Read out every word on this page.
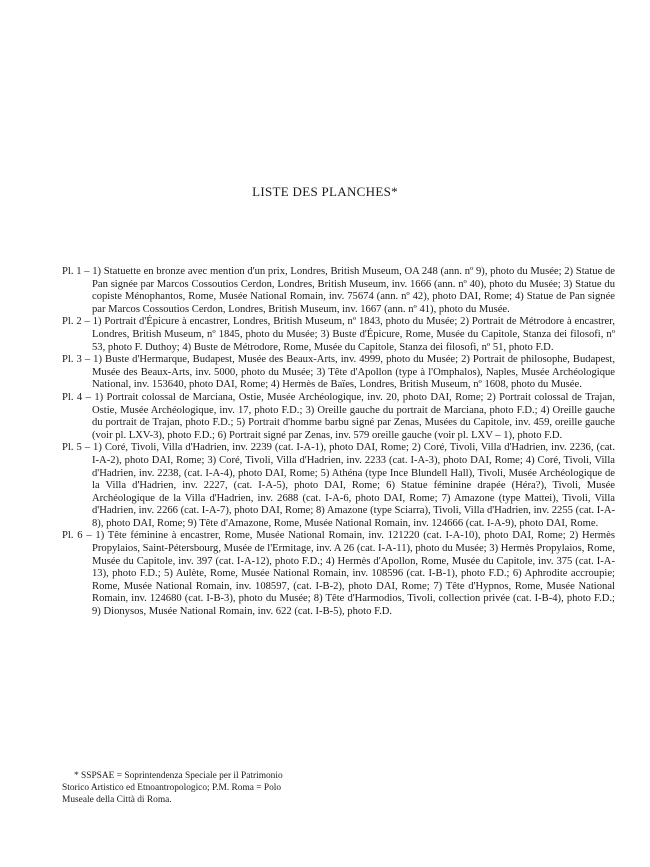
LISTE DES PLANCHES*

Pl. 1 – 1) Statuette en bronze avec mention d'un prix, Londres, British Museum, OA 248 (ann. nº 9), photo du Musée; 2) Statue de Pan signée par Marcos Cossoutios Cerdon, Londres, British Museum, inv. 1666 (ann. nº 40), photo du Musée; 3) Statue du copiste Ménophantos, Rome, Musée National Romain, inv. 75674 (ann. nº 42), photo DAI, Rome; 4) Statue de Pan signée par Marcos Cossoutios Cerdon, Londres, British Museum, inv. 1667 (ann. nº 41), photo du Musée.

Pl. 2 – 1) Portrait d'Épicure à encastrer, Londres, British Museum, nº 1843, photo du Musée; 2) Portrait de Métrodore à encastrer, Londres, British Museum, nº 1845, photo du Musée; 3) Buste d'Épicure, Rome, Musée du Capitole, Stanza dei filosofi, nº 53, photo F. Duthoy; 4) Buste de Métrodore, Rome, Musée du Capitole, Stanza dei filosofi, nº 51, photo F.D.

Pl. 3 – 1) Buste d'Hermarque, Budapest, Musée des Beaux-Arts, inv. 4999, photo du Musée; 2) Portrait de philosophe, Budapest, Musée des Beaux-Arts, inv. 5000, photo du Musée; 3) Tête d'Apollon (type à l'Omphalos), Naples, Musée Archéologique National, inv. 153640, photo DAI, Rome; 4) Hermès de Baïes, Londres, British Museum, nº 1608, photo du Musée.

Pl. 4 – 1) Portrait colossal de Marciana, Ostie, Musée Archéologique, inv. 20, photo DAI, Rome; 2) Portrait colossal de Trajan, Ostie, Musée Archéologique, inv. 17, photo F.D.; 3) Oreille gauche du portrait de Marciana, photo F.D.; 4) Oreille gauche du portrait de Trajan, photo F.D.; 5) Portrait d'homme barbu signé par Zenas, Musées du Capitole, inv. 459, oreille gauche (voir pl. LXV-3), photo F.D.; 6) Portrait signé par Zenas, inv. 579 oreille gauche (voir pl. LXV – 1), photo F.D.

Pl. 5 – 1) Coré, Tivoli, Villa d'Hadrien, inv. 2239 (cat. I-A-1), photo DAI, Rome; 2) Coré, Tivoli, Villa d'Hadrien, inv. 2236, (cat. I-A-2), photo DAI, Rome; 3) Coré, Tivoli, Villa d'Hadrien, inv. 2233 (cat. I-A-3), photo DAI, Rome; 4) Coré, Tivoli, Villa d'Hadrien, inv. 2238, (cat. I-A-4), photo DAI, Rome; 5) Athéna (type Ince Blundell Hall), Tivoli, Musée Archéologique de la Villa d'Hadrien, inv. 2227, (cat. I-A-5), photo DAI, Rome; 6) Statue féminine drapée (Héra?), Tivoli, Musée Archéologique de la Villa d'Hadrien, inv. 2688 (cat. I-A-6, photo DAI, Rome; 7) Amazone (type Mattei), Tivoli, Villa d'Hadrien, inv. 2266 (cat. I-A-7), photo DAI, Rome; 8) Amazone (type Sciarra), Tivoli, Villa d'Hadrien, inv. 2255 (cat. I-A-8), photo DAI, Rome; 9) Tête d'Amazone, Rome, Musée National Romain, inv. 124666 (cat. I-A-9), photo DAI, Rome.

Pl. 6 – 1) Tête féminine à encastrer, Rome, Musée National Romain, inv. 121220 (cat. I-A-10), photo DAI, Rome; 2) Hermès Propylaios, Saint-Pétersbourg, Musée de l'Ermitage, inv. A 26 (cat. I-A-11), photo du Musée; 3) Hermès Propylaios, Rome, Musée du Capitole, inv. 397 (cat. I-A-12), photo F.D.; 4) Hermès d'Apollon, Rome, Musée du Capitole, inv. 375 (cat. I-A-13), photo F.D.; 5) Aulète, Rome, Musée National Romain, inv. 108596 (cat. I-B-1), photo F.D.; 6) Aphrodite accroupie; Rome, Musée National Romain, inv. 108597, (cat. I-B-2), photo DAI, Rome; 7) Tête d'Hypnos, Rome, Musée National Romain, inv. 124680 (cat. I-B-3), photo du Musée; 8) Tête d'Harmodios, Tivoli, collection privée (cat. I-B-4), photo F.D.; 9) Dionysos, Musée National Romain, inv. 622 (cat. I-B-5), photo F.D.

* SSPSAE = Soprintendenza Speciale per il Patrimonio
Storico Artistico ed Etnoantropologico; P.M. Roma = Polo Museale della Città di Roma.
